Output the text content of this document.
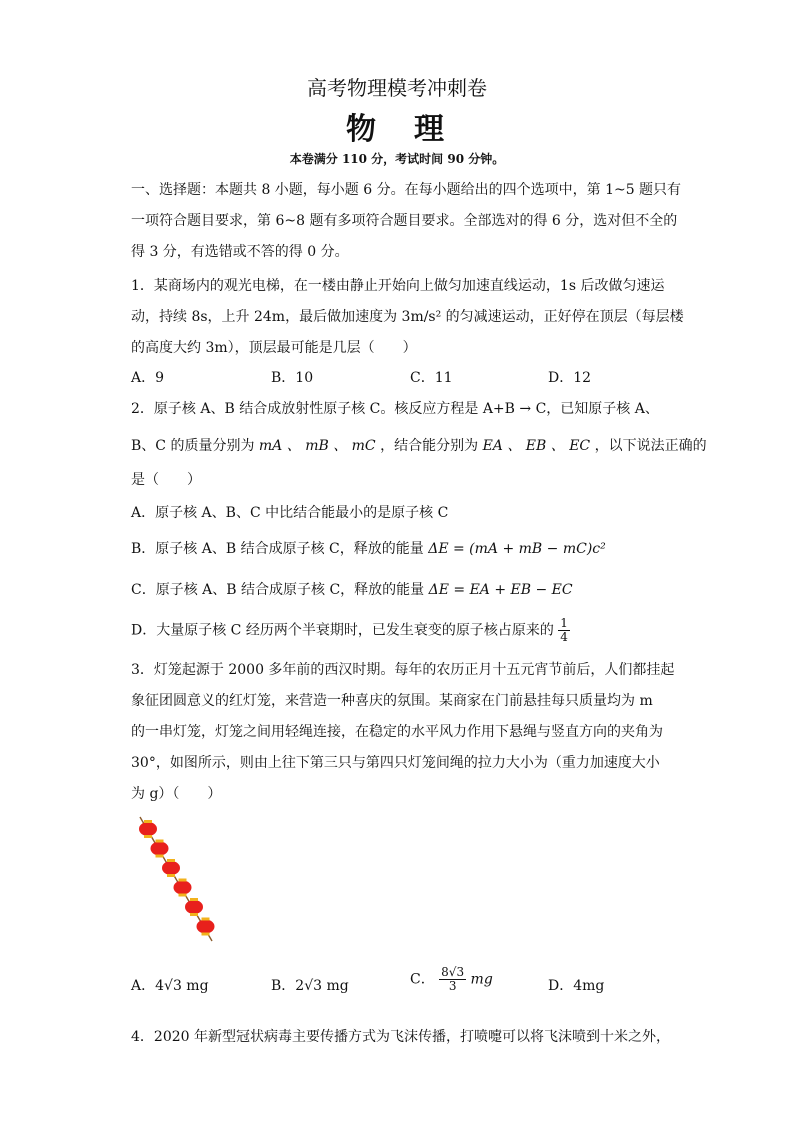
高考物理模考冲刺卷
物　理
本卷满分 110 分，考试时间 90 分钟。
一、选择题：本题共 8 小题，每小题 6 分。在每小题给出的四个选项中，第 1~5 题只有
一项符合题目要求，第 6~8 题有多项符合题目要求。全部选对的得 6 分，选对但不全的
得 3 分，有选错或不答的得 0 分。
1．某商场内的观光电梯，在一楼由静止开始向上做匀加速直线运动，1s 后改做匀速运
动，持续 8s，上升 24m，最后做加速度为 3m/s² 的匀减速运动，正好停在顶层（每层楼
的高度大约 3m），顶层最可能是几层（　　）
A．9	B．10	C．11	D．12
2．原子核 A、B 结合成放射性原子核 C。核反应方程是 A+B → C，已知原子核 A、
B、C 的质量分别为 mA 、 mB 、 mC ，结合能分别为 EA 、 EB 、 EC ，以下说法正确的
是（　　）
A．原子核 A、B、C 中比结合能最小的是原子核 C
B．原子核 A、B 结合成原子核 C，释放的能量 ΔE = (mA + mB − mC)c²
C．原子核 A、B 结合成原子核 C，释放的能量 ΔE = EA + EB − EC
D．大量原子核 C 经历两个半衰期时，已发生衰变的原子核占原来的 $\frac{1}{4}$
3．灯笼起源于 2000 多年前的西汉时期。每年的农历正月十五元宵节前后，人们都挂起
象征团圆意义的红灯笼，来营造一种喜庆的氛围。某商家在门前悬挂每只质量均为 m
的一串灯笼，灯笼之间用轻绳连接，在稳定的水平风力作用下悬绳与竖直方向的夹角为
30°，如图所示，则由上往下第三只与第四只灯笼间绳的拉力大小为（重力加速度大小
为 g）（　　）
A．4√3 mg	B．2√3 mg	C． $\frac{8√3}{3}$ mg	D．4mg
4．2020 年新型冠状病毒主要传播方式为飞沫传播，打喷嚏可以将飞沫喷到十米之外，
